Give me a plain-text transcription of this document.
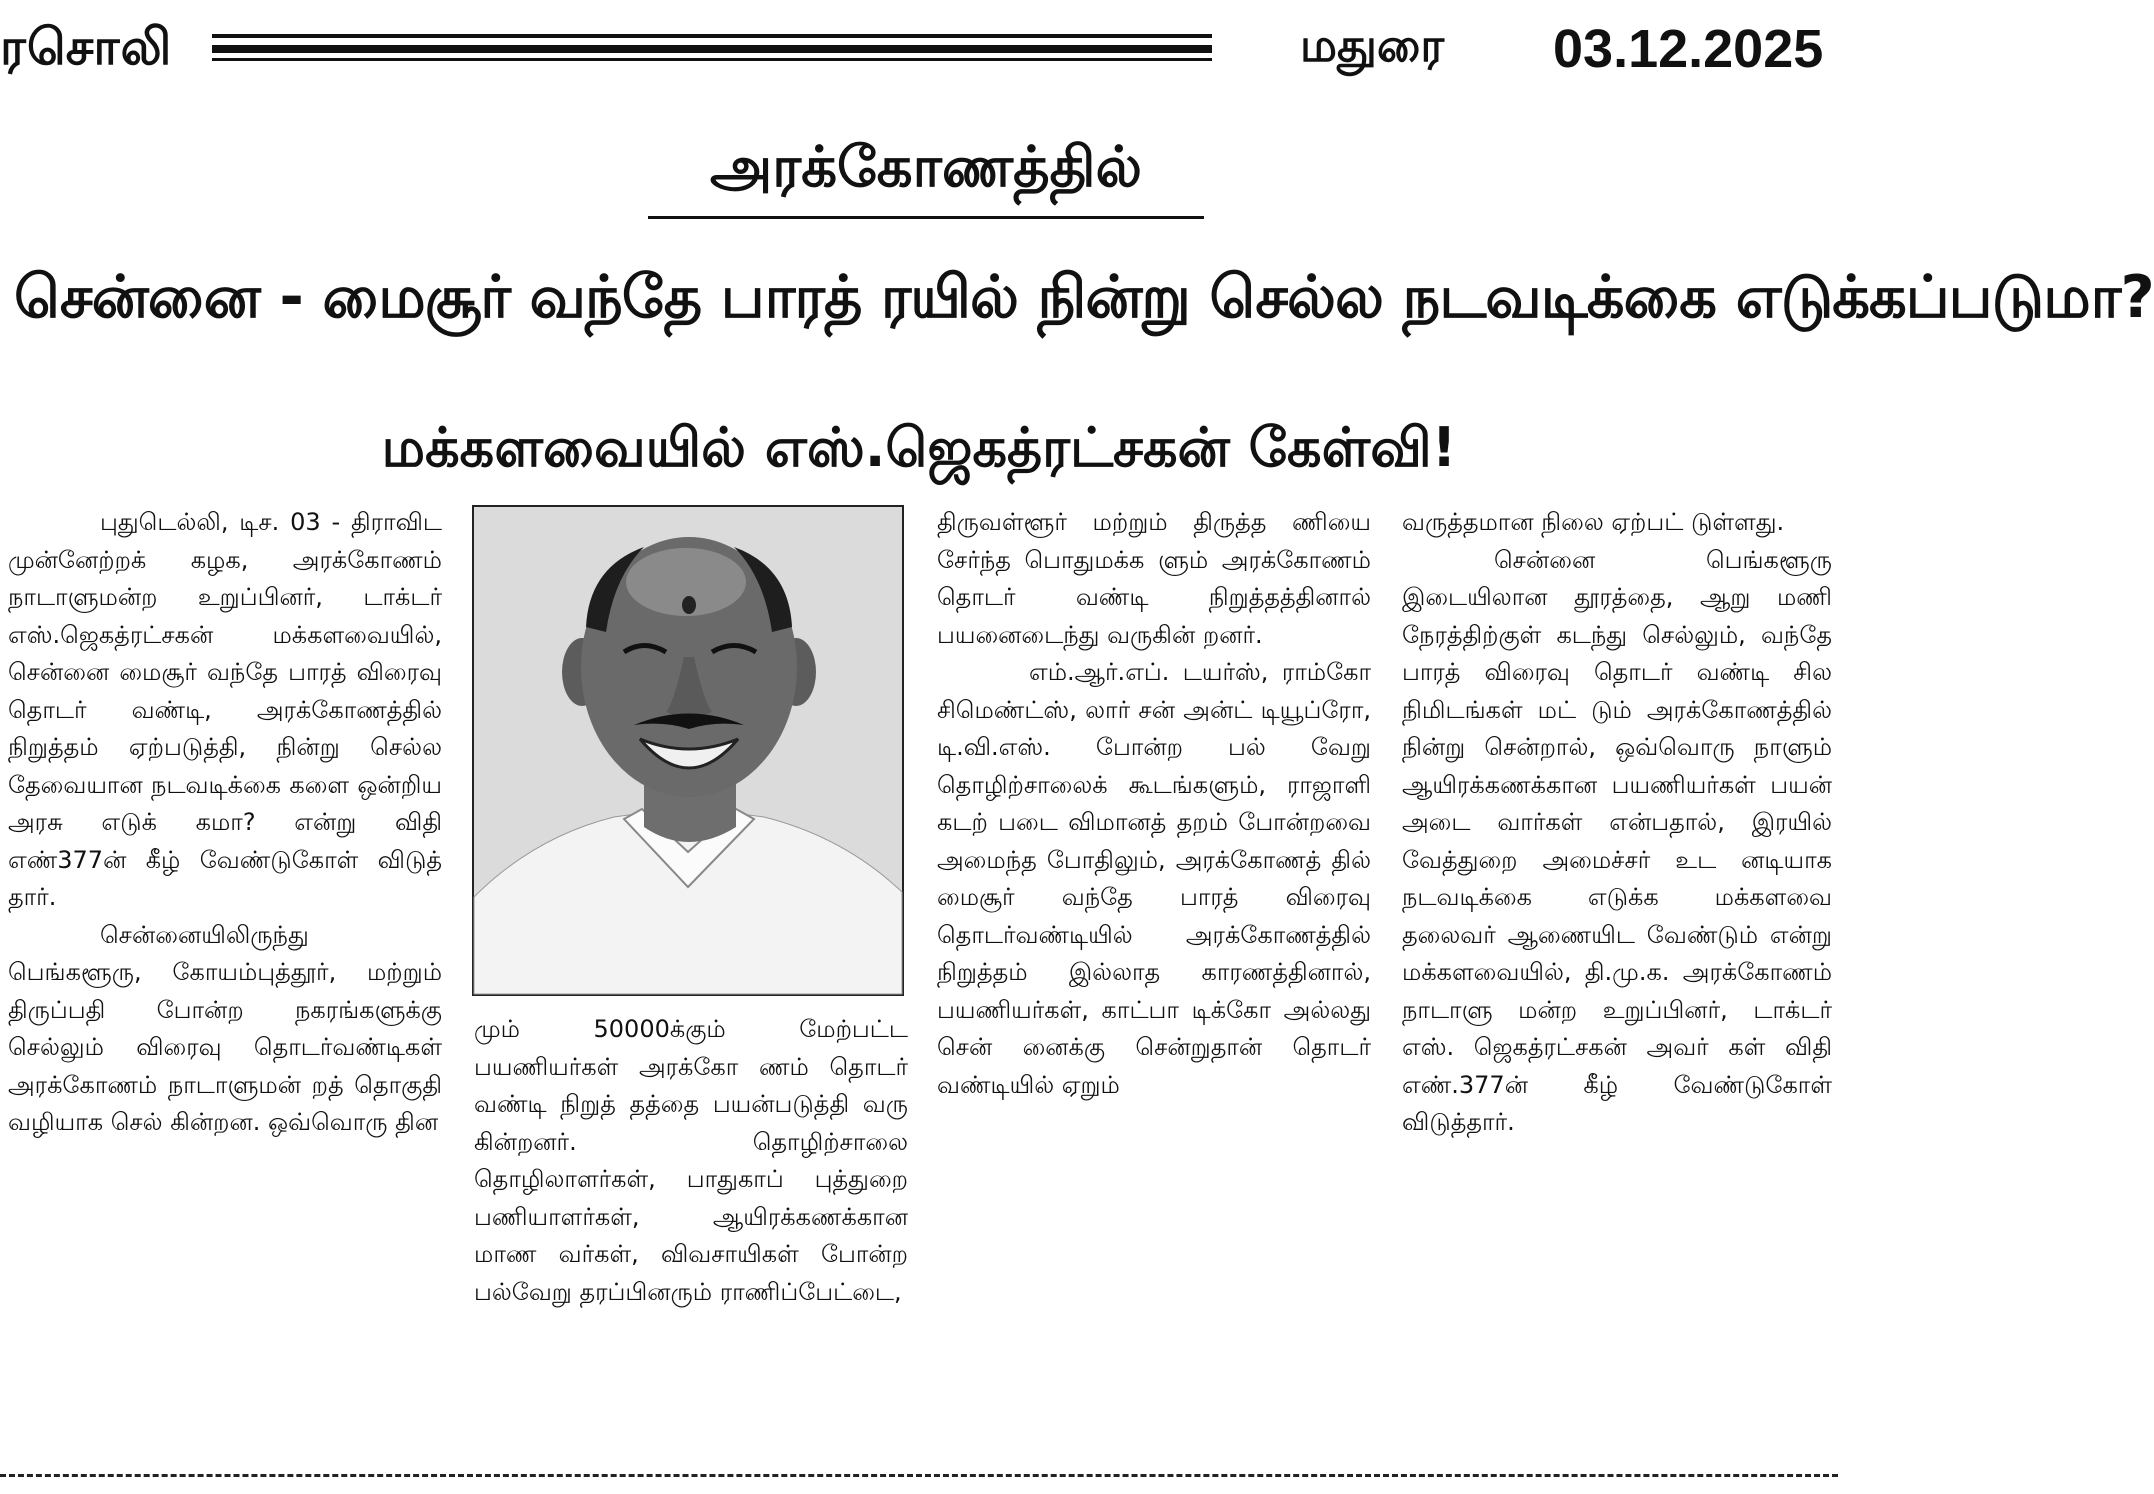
ரசொலி	மதுரை 03.12.2025
அரக்கோணத்தில்
சென்னை - மைசூர் வந்தே பாரத் ரயில் நின்று செல்ல நடவடிக்கை எடுக்கப்படுமா?
மக்களவையில் எஸ்.ஜெகத்ரட்சகன் கேள்வி!

புதுடெல்லி, டிச. 03 - திராவிட முன்னேற்றக் கழக, அரக்கோணம் நாடாளுமன்ற உறுப்பினர், டாக்டர் எஸ்.ஜெகத்ரட்சகன் மக்களவையில், சென்னை மைசூர் வந்தே பாரத் விரைவு தொடர் வண்டி, அரக்கோணத்தில் நிறுத்தம் ஏற்படுத்தி, நின்று செல்ல தேவையான நடவடிக்கை களை ஒன்றிய அரசு எடுக் கமா? என்று விதி எண்377ன் கீழ் வேண்டுகோள் விடுத் தார்.

சென்னையிலிருந்து பெங்களூரு, கோயம்புத்தூர், மற்றும் திருப்பதி போன்ற நகரங்களுக்கு செல்லும் விரைவு தொடர்வண்டிகள் அரக்கோணம் நாடாளுமன் றத் தொகுதி வழியாக செல் கின்றன. ஒவ்வொரு தின

மும் 50000க்கும் மேற்பட்ட பயணியர்கள் அரக்கோ ணம் தொடர் வண்டி நிறுத் தத்தை பயன்படுத்தி வரு கின்றனர். தொழிற்சாலை தொழிலாளர்கள், பாதுகாப் புத்துறை பணியாளர்கள், ஆயிரக்கணக்கான மாண வர்கள், விவசாயிகள் போன்ற பல்வேறு தரப்பினரும் ராணிப்பேட்டை,

திருவள்ளூர் மற்றும் திருத்த ணியை சேர்ந்த பொதுமக்க ளும் அரக்கோணம் தொடர் வண்டி நிறுத்தத்தினால் பயனைடைந்து வருகின் றனர்.

எம்.ஆர்.எப். டயர்ஸ், ராம்கோ சிமெண்ட்ஸ், லார் சன் அன்ட் டியூப்ரோ, டி.வி.எஸ். போன்ற பல் வேறு தொழிற்சாலைக் கூடங்களும், ராஜாளி கடற் படை விமானத் தறம் போன்றவை அமைந்த போதிலும், அரக்கோணத் தில் மைசூர் வந்தே பாரத் விரைவு தொடர்வண்டியில் அரக்கோணத்தில் நிறுத்தம் இல்லாத காரணத்தினால், பயணியர்கள், காட்பா டிக்கோ அல்லது சென் னைக்கு சென்றுதான் தொடர் வண்டியில் ஏறும்

வருத்தமான நிலை ஏற்பட் டுள்ளது.

சென்னை பெங்களூரு இடையிலான தூரத்தை, ஆறு மணி நேரத்திற்குள் கடந்து செல்லும், வந்தே பாரத் விரைவு தொடர் வண்டி சில நிமிடங்கள் மட் டும் அரக்கோணத்தில் நின்று சென்றால், ஒவ்வொரு நாளும் ஆயிரக்கணக்கான பயணியர்கள் பயன் அடை வார்கள் என்பதால், இரயில் வேத்துறை அமைச்சர் உட னடியாக நடவடிக்கை எடுக்க மக்களவை தலைவர் ஆணையிட வேண்டும் என்று மக்களவையில், தி.மு.க. அரக்கோணம் நாடாளு மன்ற உறுப்பினர், டாக்டர் எஸ். ஜெகத்ரட்சகன் அவர் கள் விதி எண்.377ன் கீழ் வேண்டுகோள் விடுத்தார்.
